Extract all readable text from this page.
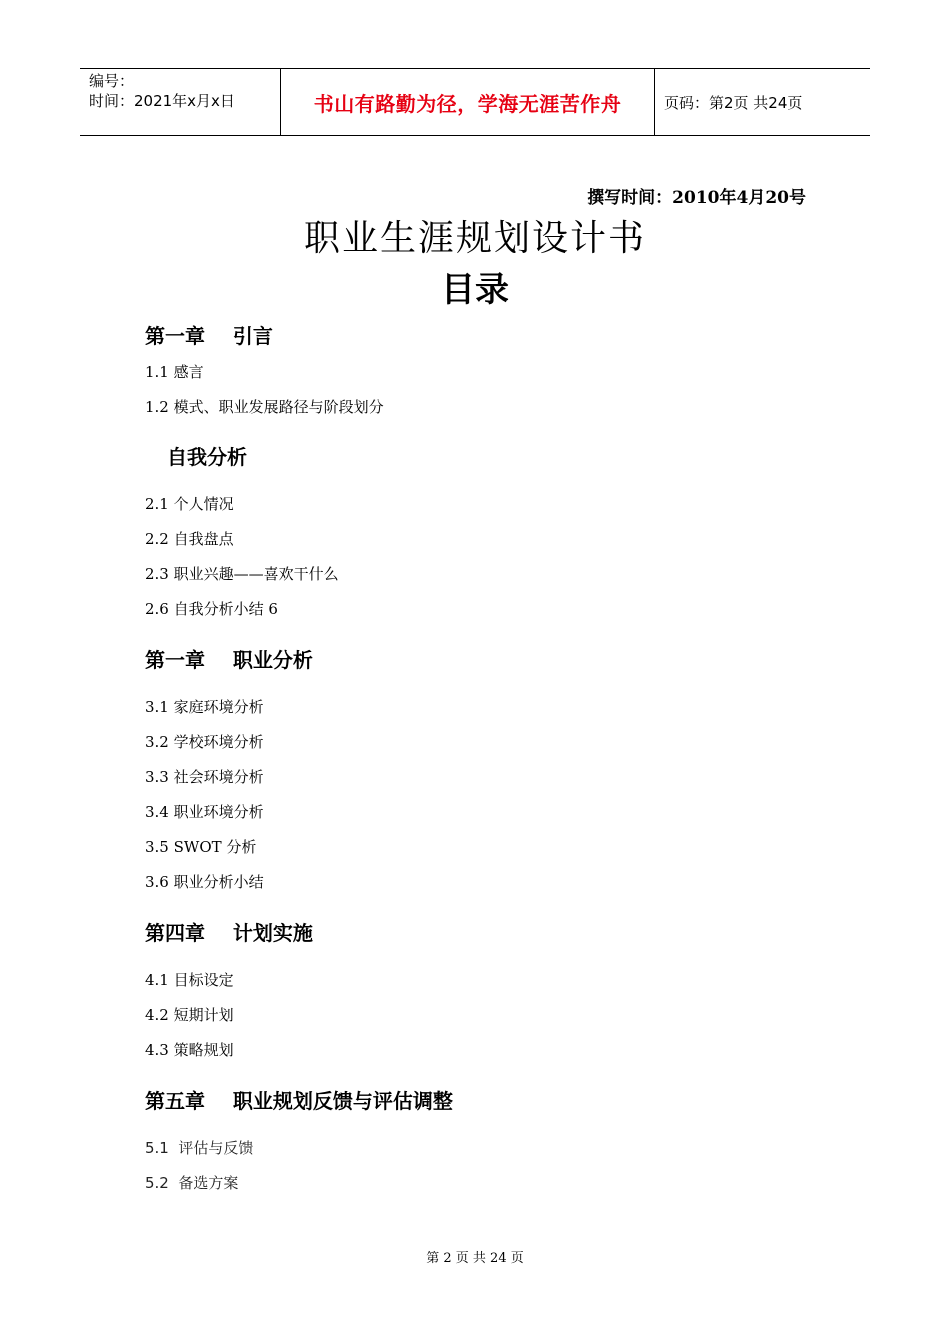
编号：
时间：2021年x月x日	书山有路勤为径，学海无涯苦作舟	页码：第2页 共24页
撰写时间：2010年4月20号
职业生涯规划设计书
目录
第一章    引言
1.1 感言
1.2 模式、职业发展路径与阶段划分
自我分析
2.1 个人情况
2.2 自我盘点
2.3 职业兴趣——喜欢干什么
2.6 自我分析小结 6
第一章    职业分析
3.1 家庭环境分析
3.2 学校环境分析
3.3 社会环境分析
3.4 职业环境分析
3.5 SWOT 分析
3.6 职业分析小结
第四章    计划实施
4.1 目标设定
4.2 短期计划
4.3 策略规划
第五章    职业规划反馈与评估调整
5.1  评估与反馈
5.2  备选方案
第 2 页 共 24 页
